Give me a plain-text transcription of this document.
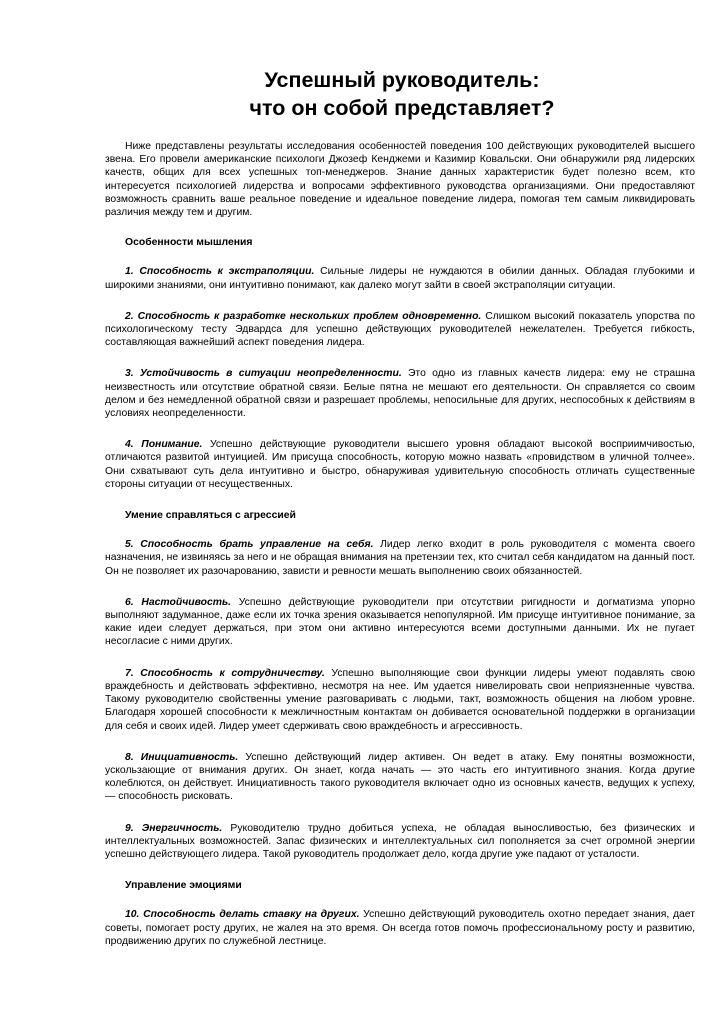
Успешный руководитель:
что он собой представляет?

Ниже представлены результаты исследования особенностей поведения 100 действующих руководителей высшего звена. Его провели американские психологи Джозеф Кенджеми и Казимир Ковальски. Они обнаружили ряд лидерских качеств, общих для всех успешных топ-менеджеров. Знание данных характеристик будет полезно всем, кто интересуется психологией лидерства и вопросами эффективного руководства организациями. Они предоставляют возможность сравнить ваше реальное поведение и идеальное поведение лидера, помогая тем самым ликвидировать различия между тем и другим.

Особенности мышления

1. Способность к экстраполяции. Сильные лидеры не нуждаются в обилии данных. Обладая глубокими и широкими знаниями, они интуитивно понимают, как далеко могут зайти в своей экстраполяции ситуации.

2. Способность к разработке нескольких проблем одновременно. Слишком высокий показатель упорства по психологическому тесту Эдвардса для успешно действующих руководителей нежелателен. Требуется гибкость, составляющая важнейший аспект поведения лидера.

3. Устойчивость в ситуации неопределенности. Это одно из главных качеств лидера: ему не страшна неизвестность или отсутствие обратной связи. Белые пятна не мешают его деятельности. Он справляется со своим делом и без немедленной обратной связи и разрешает проблемы, непосильные для других, неспособных к действиям в условиях неопределенности.

4. Понимание. Успешно действующие руководители высшего уровня обладают высокой восприимчивостью, отличаются развитой интуицией. Им присуща способность, которую можно назвать «провидством в уличной толчее». Они схватывают суть дела интуитивно и быстро, обнаруживая удивительную способность отличать существенные стороны ситуации от несущественных.

Умение справляться с агрессией

5. Способность брать управление на себя. Лидер легко входит в роль руководителя с момента своего назначения, не извиняясь за него и не обращая внимания на претензии тех, кто считал себя кандидатом на данный пост. Он не позволяет их разочарованию, зависти и ревности мешать выполнению своих обязанностей.

6. Настойчивость. Успешно действующие руководители при отсутствии ригидности и догматизма упорно выполняют задуманное, даже если их точка зрения оказывается непопулярной. Им присуще интуитивное понимание, за какие идеи следует держаться, при этом они активно интересуются всеми доступными данными. Их не пугает несогласие с ними других.

7. Способность к сотрудничеству. Успешно выполняющие свои функции лидеры умеют подавлять свою враждебность и действовать эффективно, несмотря на нее. Им удается нивелировать свои неприязненные чувства. Такому руководителю свойственны умение разговаривать с людьми, такт, возможность общения на любом уровне. Благодаря хорошей способности к межличностным контактам он добивается основательной поддержки в организации для себя и своих идей. Лидер умеет сдерживать свою враждебность и агрессивность.

8. Инициативность. Успешно действующий лидер активен. Он ведет в атаку. Ему понятны возможности, ускользающие от внимания других. Он знает, когда начать — это часть его интуитивного знания. Когда другие колеблются, он действует. Инициативность такого руководителя включает одно из основных качеств, ведущих к успеху, — способность рисковать.

9. Энергичность. Руководителю трудно добиться успеха, не обладая выносливостью, без физических и интеллектуальных возможностей. Запас физических и интеллектуальных сил пополняется за счет огромной энергии успешно действующего лидера. Такой руководитель продолжает дело, когда другие уже падают от усталости.

Управление эмоциями

10. Способность делать ставку на других. Успешно действующий руководитель охотно передает знания, дает советы, помогает росту других, не жалея на это время. Он всегда готов помочь профессиональному росту и развитию, продвижению других по служебной лестнице.
